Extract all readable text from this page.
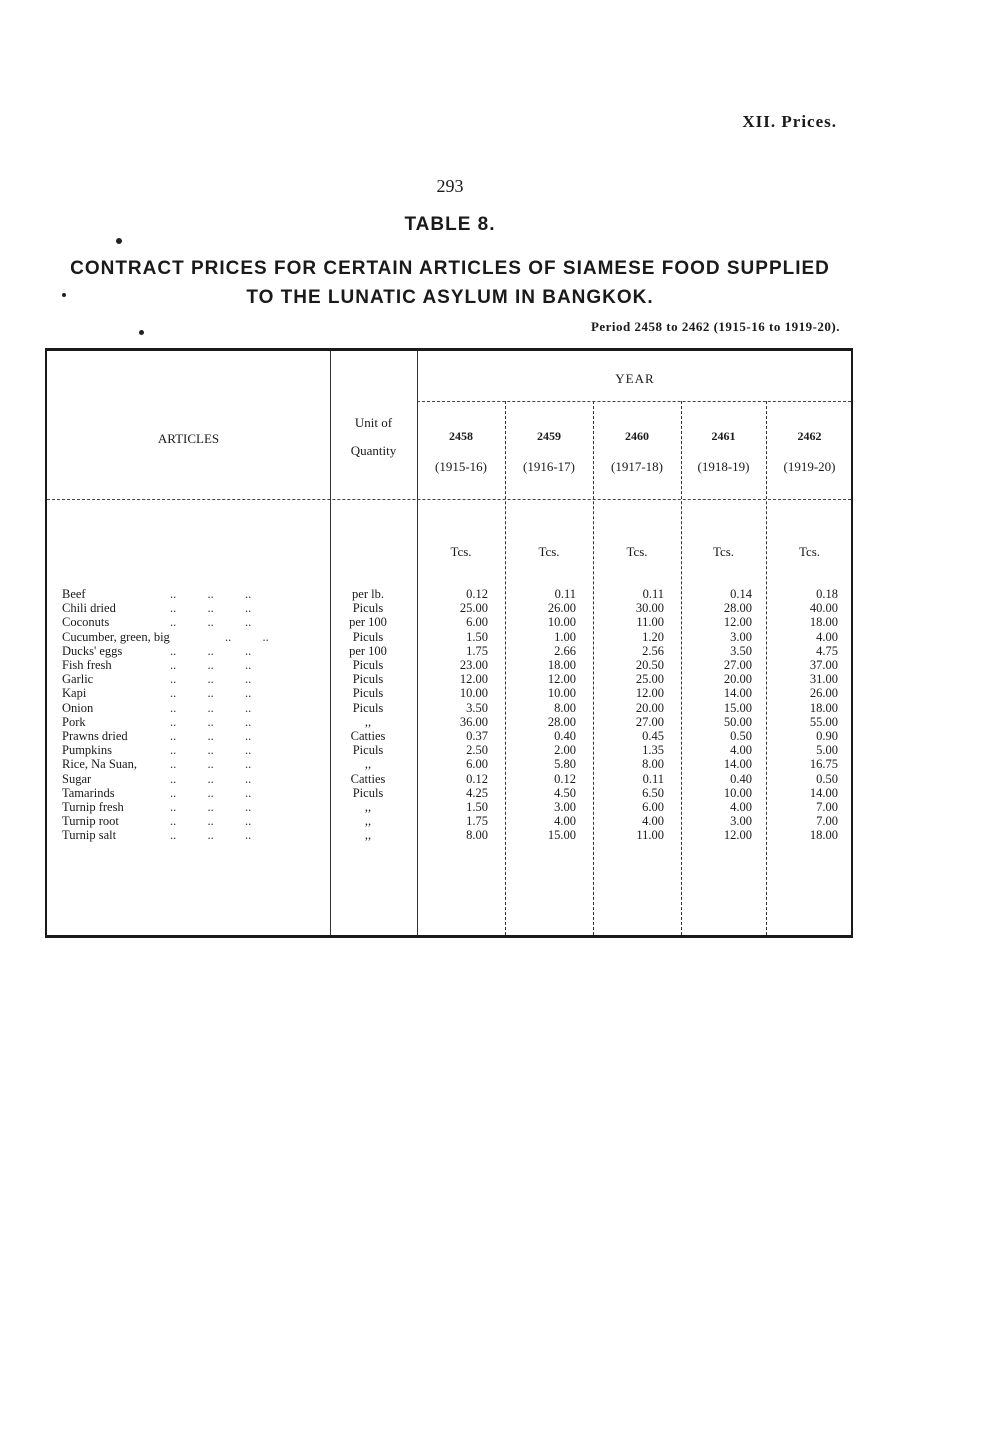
XII. Prices.
293
TABLE 8.
CONTRACT PRICES FOR CERTAIN ARTICLES OF SIAMESE FOOD SUPPLIED
TO THE LUNATIC ASYLUM IN BANGKOK.
Period 2458 to 2462 (1915-16 to 1919-20).
ARTICLES
Unit of
Quantity
YEAR
2458	2459	2460	2461	2462
(1915-16)	(1916-17)	(1917-18)	(1918-19)	(1919-20)
Tcs.	Tcs.	Tcs.	Tcs.	Tcs.
Beef	..          ..          ..	per lb.	0.12	0.11	0.11	0.14	0.18
Chili dried	..          ..          ..	Piculs	25.00	26.00	30.00	28.00	40.00
Coconuts	..          ..          ..	per 100	6.00	10.00	11.00	12.00	18.00
Cucumber, green, big	..          ..	Piculs	1.50	1.00	1.20	3.00	4.00
Ducks' eggs	..          ..          ..	per 100	1.75	2.66	2.56	3.50	4.75
Fish fresh	..          ..          ..	Piculs	23.00	18.00	20.50	27.00	37.00
Garlic	..          ..          ..	Piculs	12.00	12.00	25.00	20.00	31.00
Kapi	..          ..          ..	Piculs	10.00	10.00	12.00	14.00	26.00
Onion	..          ..          ..	Piculs	3.50	8.00	20.00	15.00	18.00
Pork	..          ..          ..	,,	36.00	28.00	27.00	50.00	55.00
Prawns dried	..          ..          ..	Catties	0.37	0.40	0.45	0.50	0.90
Pumpkins	..          ..          ..	Piculs	2.50	2.00	1.35	4.00	5.00
Rice, Na Suan,	..          ..          ..	,,	6.00	5.80	8.00	14.00	16.75
Sugar	..          ..          ..	Catties	0.12	0.12	0.11	0.40	0.50
Tamarinds	..          ..          ..	Piculs	4.25	4.50	6.50	10.00	14.00
Turnip fresh	..          ..          ..	,,	1.50	3.00	6.00	4.00	7.00
Turnip root	..          ..          ..	,,	1.75	4.00	4.00	3.00	7.00
Turnip salt	..          ..          ..	,,	8.00	15.00	11.00	12.00	18.00
